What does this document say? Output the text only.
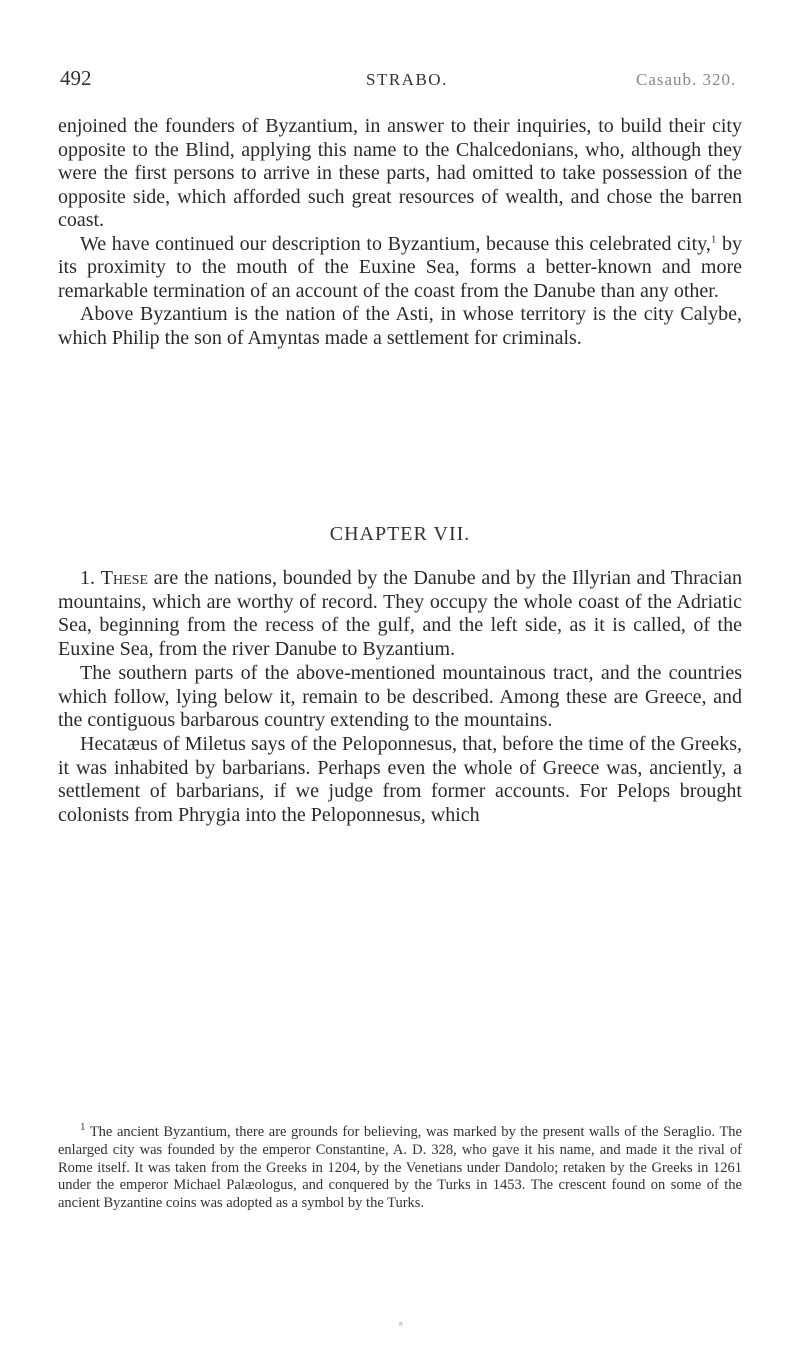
492	STRABO.	Casaub. 320.

enjoined the founders of Byzantium, in answer to their inquiries, to build their city opposite to the Blind, applying this name to the Chalcedonians, who, although they were the first persons to arrive in these parts, had omitted to take possession of the opposite side, which afforded such great resources of wealth, and chose the barren coast.

We have continued our description to Byzantium, because this celebrated city,$^1$ by its proximity to the mouth of the Euxine Sea, forms a better-known and more remarkable termination of an account of the coast from the Danube than any other.

Above Byzantium is the nation of the Asti, in whose territory is the city Calybe, which Philip the son of Amyntas made a settlement for criminals.

CHAPTER VII.

1. These are the nations, bounded by the Danube and by the Illyrian and Thracian mountains, which are worthy of record. They occupy the whole coast of the Adriatic Sea, beginning from the recess of the gulf, and the left side, as it is called, of the Euxine Sea, from the river Danube to Byzantium.

The southern parts of the above-mentioned mountainous tract, and the countries which follow, lying below it, remain to be described. Among these are Greece, and the contiguous barbarous country extending to the mountains.

Hecatæus of Miletus says of the Peloponnesus, that, before the time of the Greeks, it was inhabited by barbarians. Perhaps even the whole of Greece was, anciently, a settlement of barbarians, if we judge from former accounts. For Pelops brought colonists from Phrygia into the Peloponnesus, which

$^1$ The ancient Byzantium, there are grounds for believing, was marked by the present walls of the Seraglio. The enlarged city was founded by the emperor Constantine, A. D. 328, who gave it his name, and made it the rival of Rome itself. It was taken from the Greeks in 1204, by the Venetians under Dandolo; retaken by the Greeks in 1261 under the emperor Michael Palæologus, and conquered by the Turks in 1453. The crescent found on some of the ancient Byzantine coins was adopted as a symbol by the Turks.

ⁿ
